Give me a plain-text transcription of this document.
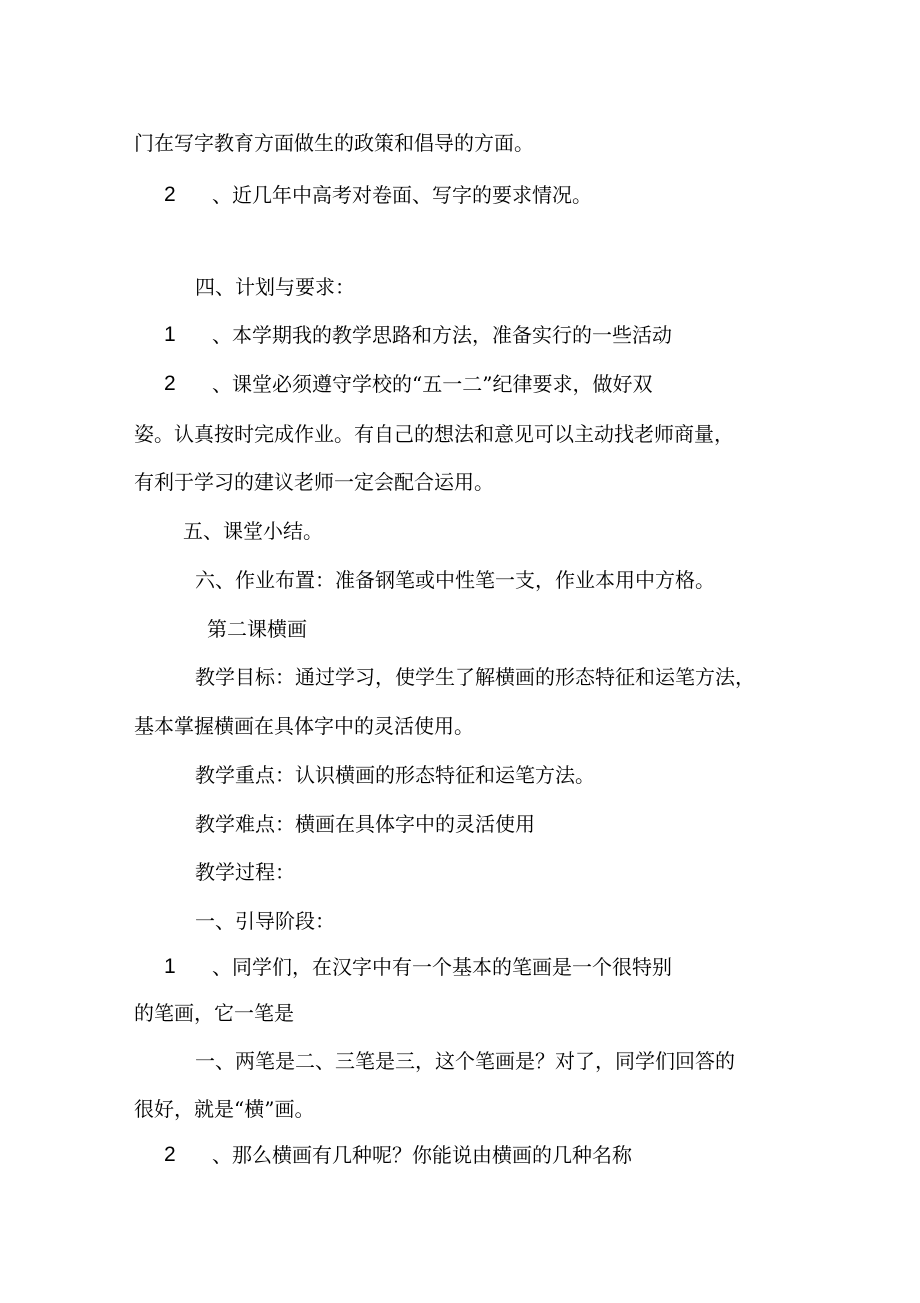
门在写字教育方面做生的政策和倡导的方面。
2 、近几年中高考对卷面、写字的要求情况。
四、计划与要求：
1 、本学期我的教学思路和方法，准备实行的一些活动
2 、课堂必须遵守学校的“五一二”纪律要求，做好双
姿。认真按时完成作业。有自己的想法和意见可以主动找老师商量，
有利于学习的建议老师一定会配合运用。
五、课堂小结。
六、作业布置：准备钢笔或中性笔一支，作业本用中方格。
第二课横画
教学目标：通过学习，使学生了解横画的形态特征和运笔方法，
基本掌握横画在具体字中的灵活使用。
教学重点：认识横画的形态特征和运笔方法。
教学难点：横画在具体字中的灵活使用
教学过程：
一、引导阶段：
1 、同学们，在汉字中有一个基本的笔画是一个很特别
的笔画，它一笔是
一、两笔是二、三笔是三，这个笔画是？对了，同学们回答的
很好，就是“横”画。
2 、那么横画有几种呢？你能说由横画的几种名称
